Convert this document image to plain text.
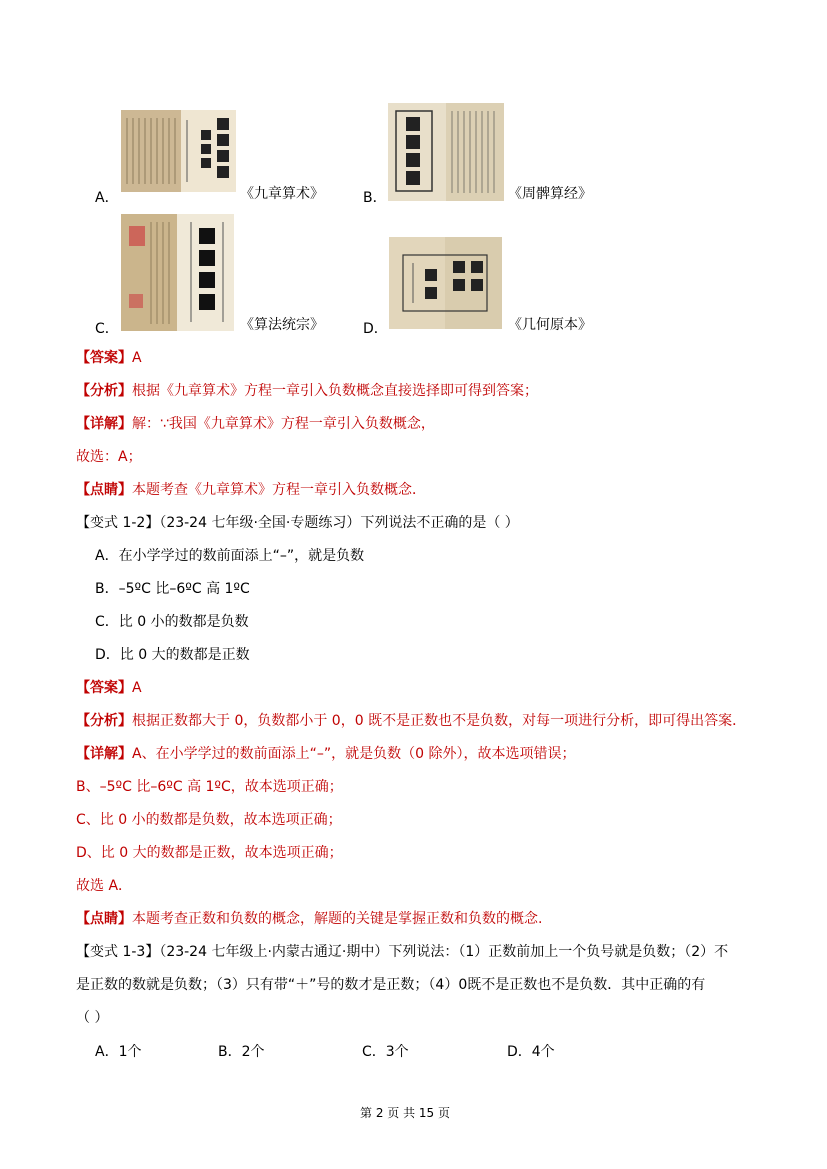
A．	《九章算术》	B．	《周髀算经》
C．	《算法统宗》	D．	《几何原本》
【答案】A
【分析】根据《九章算术》方程一章引入负数概念直接选择即可得到答案；
【详解】解：∵我国《九章算术》方程一章引入负数概念，
故选：A；
【点睛】本题考查《九章算术》方程一章引入负数概念．
【变式 1-2】（23-24 七年级·全国·专题练习）下列说法不正确的是（ ）
A．在小学学过的数前面添上“–”，就是负数
B．–5ºC 比–6ºC 高 1ºC
C．比 0 小的数都是负数
D．比 0 大的数都是正数
【答案】A
【分析】根据正数都大于 0，负数都小于 0，0 既不是正数也不是负数，对每一项进行分析，即可得出答案．
【详解】A、在小学学过的数前面添上“–”，就是负数（0 除外），故本选项错误；
B、–5ºC 比–6ºC 高 1ºC，故本选项正确；
C、比 0 小的数都是负数，故本选项正确；
D、比 0 大的数都是正数，故本选项正确；
故选 A．
【点睛】本题考查正数和负数的概念，解题的关键是掌握正数和负数的概念.
【变式 1-3】（23-24 七年级上·内蒙古通辽·期中）下列说法：（1）正数前加上一个负号就是负数；（2）不
是正数的数就是负数；（3）只有带“＋”号的数才是正数；（4）0既不是正数也不是负数．其中正确的有
（ ）
A．1个	B．2个	C．3个	D．4个
第 2 页 共 15 页
